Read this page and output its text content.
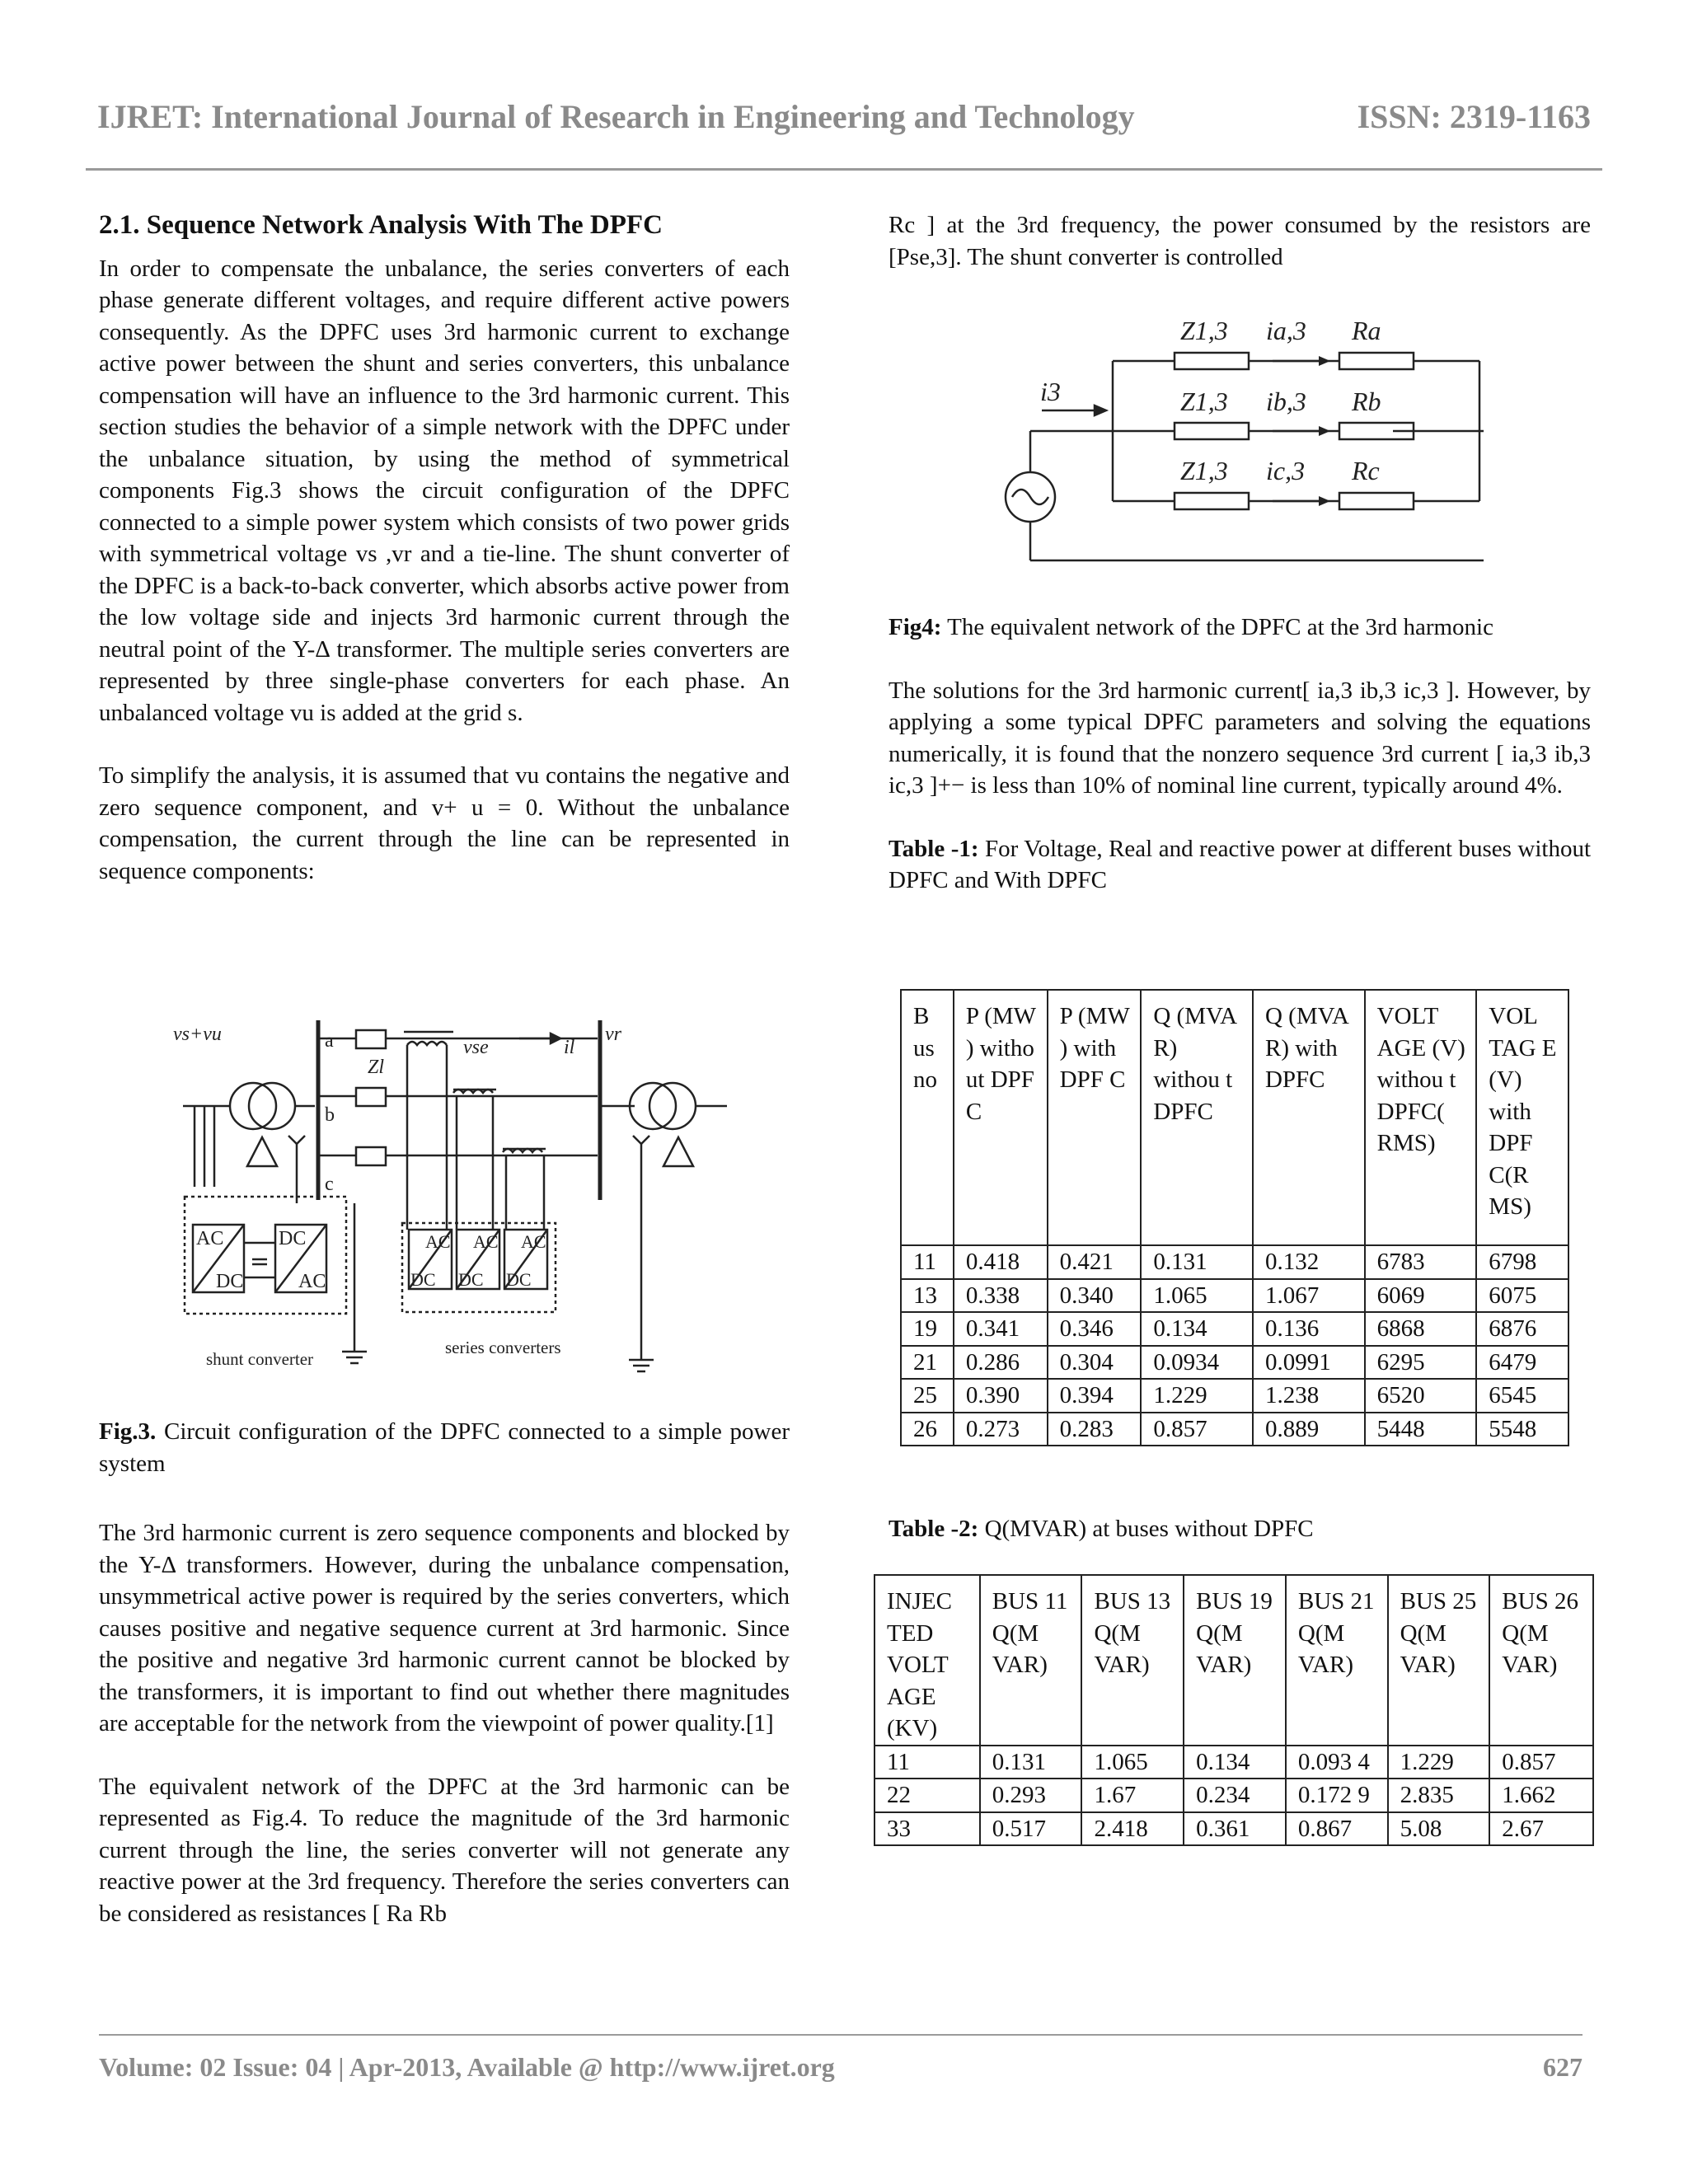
IJRET: International Journal of Research in Engineering and Technology	ISSN: 2319-1163
2.1. Sequence Network Analysis With The DPFC

In order to compensate the unbalance, the series converters of each phase generate different voltages, and require different active powers consequently. As the DPFC uses 3rd harmonic current to exchange active power between the shunt and series converters, this unbalance compensation will have an influence to the 3rd harmonic current. This section studies the behavior of a simple network with the DPFC under the unbalance situation, by using the method of symmetrical components Fig.3 shows the circuit configuration of the DPFC connected to a simple power system which consists of two power grids with symmetrical voltage vs ,vr and a tie-line. The shunt converter of the DPFC is a back-to-back converter, which absorbs active power from the low voltage side and injects 3rd harmonic current through the neutral point of the Y-Δ transformer. The multiple series converters are represented by three single-phase converters for each phase. An unbalanced voltage vu is added at the grid s.

To simplify the analysis, it is assumed that vu contains the negative and zero sequence component, and v+ u = 0. Without the unbalance compensation, the current through the line can be represented in sequence components:

vs+vu	vr
Zl
vse	il
a
b
c
AC
DC
DC
AC
AC
DC
AC
DC
AC
DC
shunt converter
series converters

Fig.3. Circuit configuration of the DPFC connected to a simple power system

The 3rd harmonic current is zero sequence components and blocked by the Y-Δ transformers. However, during the unbalance compensation, unsymmetrical active power is required by the series converters, which causes positive and negative sequence current at 3rd harmonic. Since the positive and negative 3rd harmonic current cannot be blocked by the transformers, it is important to find out whether there magnitudes are acceptable for the network from the viewpoint of power quality.[1]

The equivalent network of the DPFC at the 3rd harmonic can be represented as Fig.4. To reduce the magnitude of the 3rd harmonic current through the line, the series converter will not generate any reactive power at the 3rd frequency. Therefore the series converters can be considered as resistances [ Ra Rb

Rc ] at the 3rd frequency, the power consumed by the resistors are [Pse,3]. The shunt converter is controlled

i3
Z1,3 ia,3 Ra
Z1,3 ib,3 Rb
Z1,3 ic,3 Rc

Fig4: The equivalent network of the DPFC at the 3rd harmonic

The solutions for the 3rd harmonic current[ ia,3 ib,3 ic,3 ]. However, by applying a some typical DPFC parameters and solving the equations numerically, it is found that the nonzero sequence 3rd current [ ia,3 ib,3 ic,3 ]+− is less than 10% of nominal line current, typically around 4%.

Table -1: For Voltage, Real and reactive power at different buses without DPFC and With DPFC

B us no	P (MW ) witho ut DPF C	P (MW ) with DPF C	Q (MVA R) withou t DPFC	Q (MVA R) with DPFC	VOLT AGE (V) withou t DPFC( RMS)	VOL TAG E (V) with DPF C(R MS)
11	0.418	0.421	0.131	0.132	6783	6798
13	0.338	0.340	1.065	1.067	6069	6075
19	0.341	0.346	0.134	0.136	6868	6876
21	0.286	0.304	0.0934	0.0991	6295	6479
25	0.390	0.394	1.229	1.238	6520	6545
26	0.273	0.283	0.857	0.889	5448	5548

Table -2: Q(MVAR) at buses without DPFC

INJEC TED VOLT AGE (KV)	BUS 11 Q(M VAR)	BUS 13 Q(M VAR)	BUS 19 Q(M VAR)	BUS 21 Q(M VAR)	BUS 25 Q(M VAR)	BUS 26 Q(M VAR)
11	0.131	1.065	0.134	0.093 4	1.229	0.857
22	0.293	1.67	0.234	0.172 9	2.835	1.662
33	0.517	2.418	0.361	0.867	5.08	2.67
Volume: 02 Issue: 04 | Apr-2013, Available @ http://www.ijret.org	627
